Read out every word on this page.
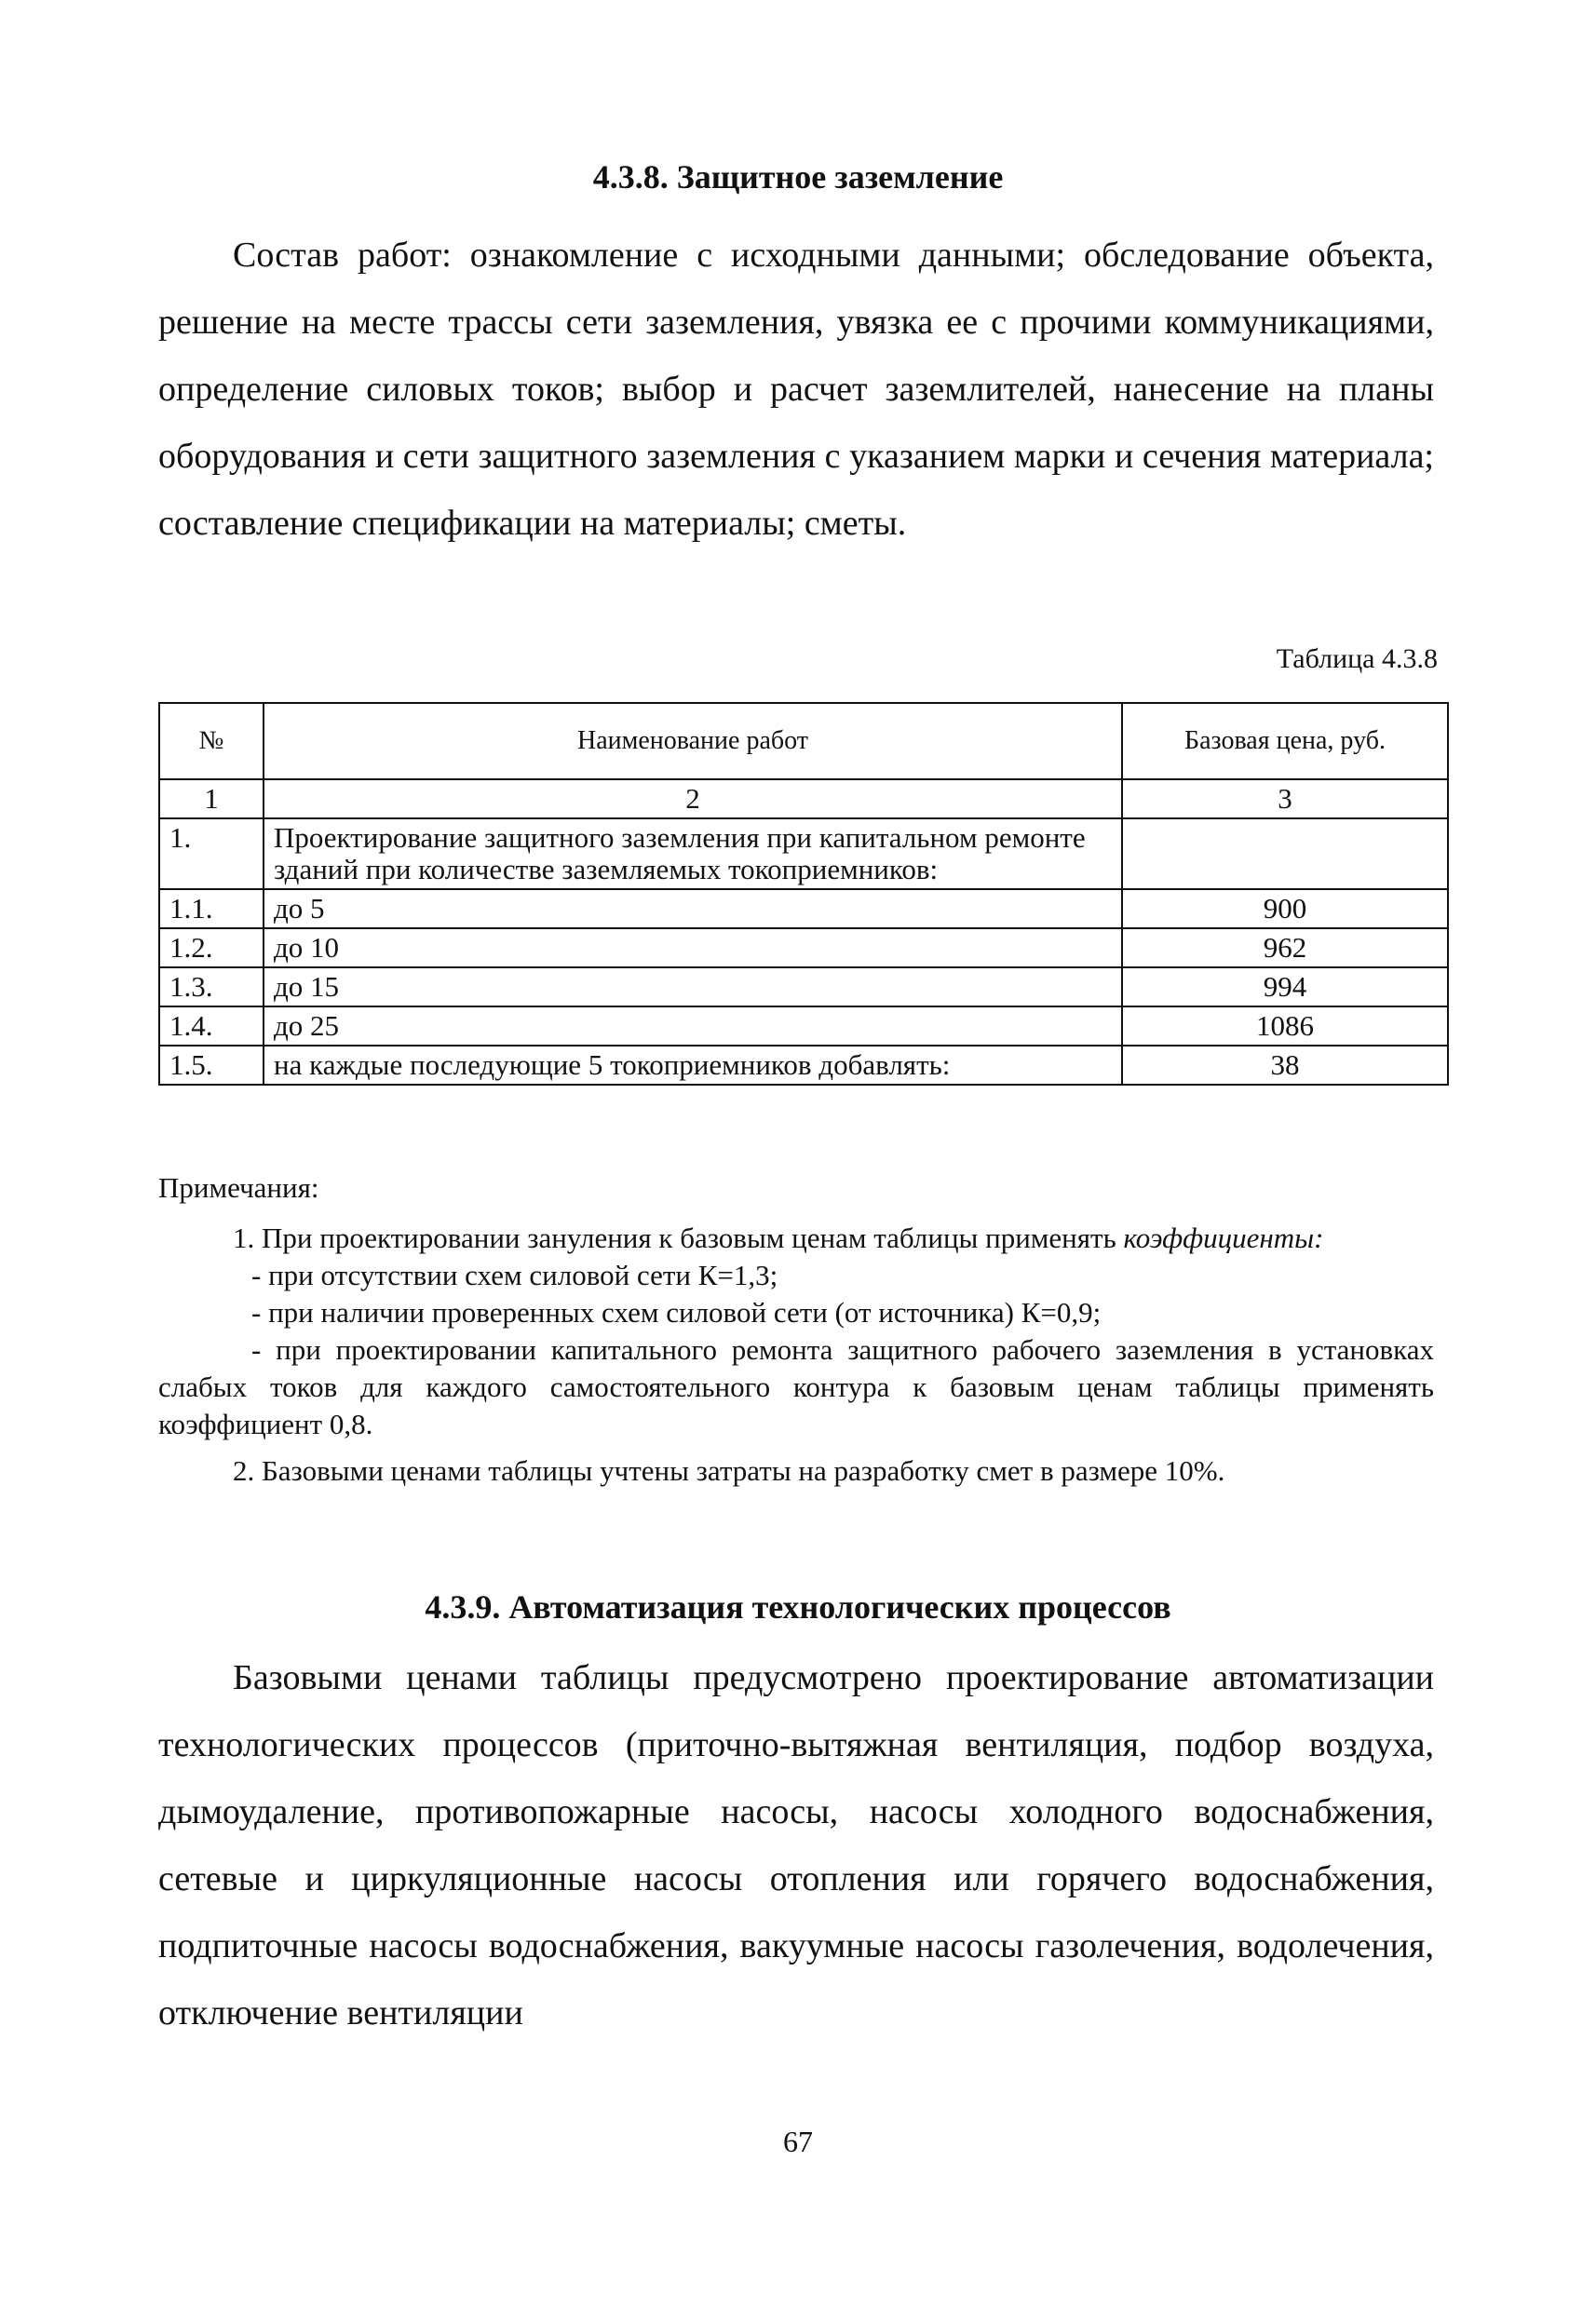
4.3.8. Защитное заземление
Состав работ: ознакомление с исходными данными; обследование объекта, решение на месте трассы сети заземления, увязка ее с прочими коммуникациями, определение силовых токов; выбор и расчет заземлителей, нанесение на планы оборудования и сети защитного заземления с указанием марки и сечения материала; составление спецификации на материалы; сметы.
Таблица 4.3.8
№	Наименование работ	Базовая цена, руб.
1	2	3
1.	Проектирование защитного заземления при капитальном ремонте зданий при количестве заземляемых токоприемников:	
1.1.	до 5	900
1.2.	до 10	962
1.3.	до 15	994
1.4.	до 25	1086
1.5.	на каждые последующие 5 токоприемников добавлять:	38
Примечания:

1. При проектировании зануления к базовым ценам таблицы применять коэффициенты:

- при отсутствии схем силовой сети К=1,3;

- при наличии проверенных схем силовой сети (от источника) К=0,9;

- при проектировании капитального ремонта защитного рабочего заземления в установках слабых токов для каждого самостоятельного контура к базовым ценам таблицы применять коэффициент 0,8.

2. Базовыми ценами таблицы учтены затраты на разработку смет в размере 10%.

4.3.9. Автоматизация технологических процессов
Базовыми ценами таблицы предусмотрено проектирование автоматизации технологических процессов (приточно-вытяжная вентиляция, подбор воздуха, дымоудаление, противопожарные насосы, насосы холодного водоснабжения, сетевые и циркуляционные насосы отопления или горячего водоснабжения, подпиточные насосы водоснабжения, вакуумные насосы газолечения, водолечения, отключение вентиляции
67
